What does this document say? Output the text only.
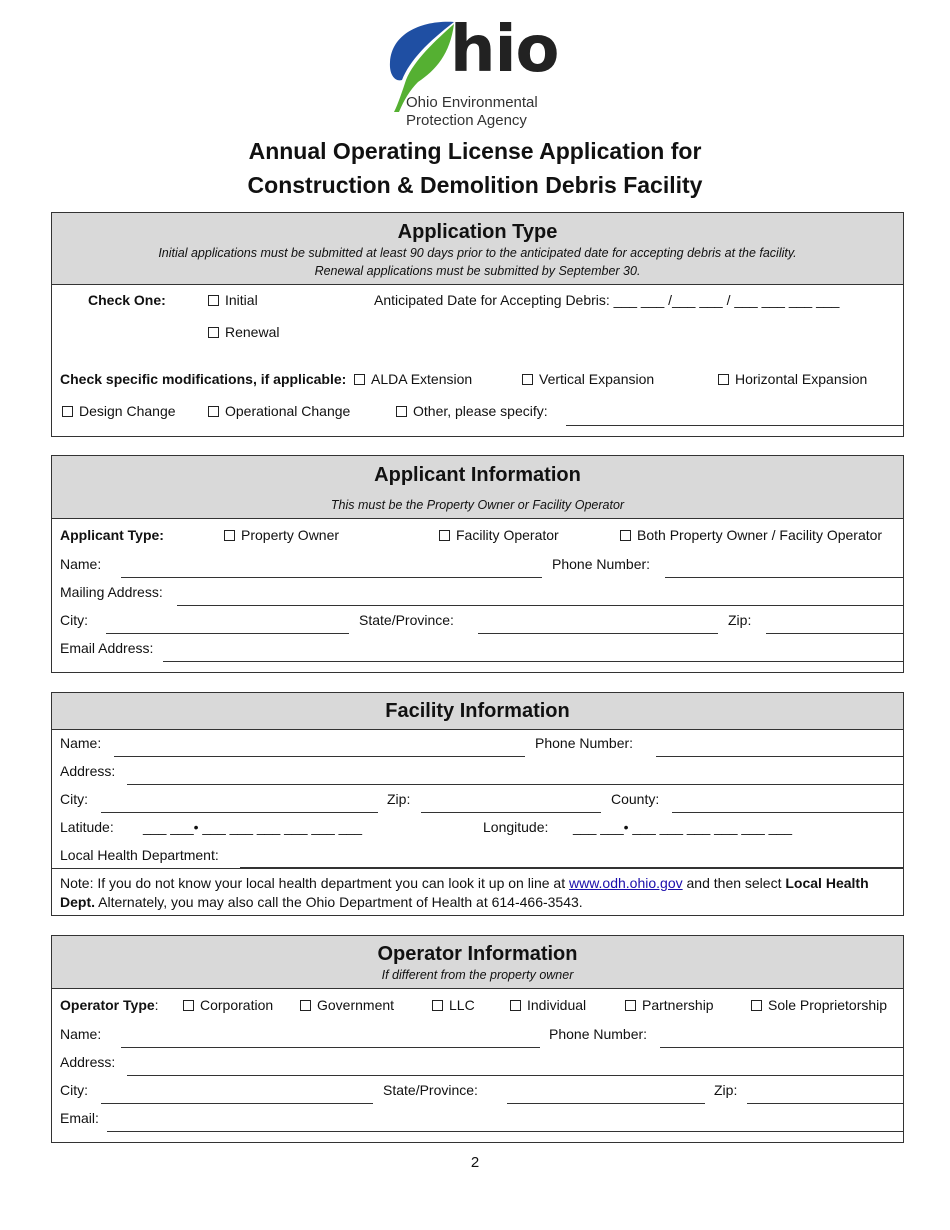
hio
Ohio Environmental
Protection Agency
Annual Operating License Application for
Construction & Demolition Debris Facility
Application Type
Initial applications must be submitted at least 90 days prior to the anticipated date for accepting debris at the facility.
Renewal applications must be submitted by September 30.
Check One:	Initial	Anticipated Date for Accepting Debris: ___ ___ /___ ___ / ___ ___ ___ ___
Renewal
Check specific modifications, if applicable:	ALDA Extension	Vertical Expansion	Horizontal Expansion
Design Change	Operational Change	Other, please specify:
Applicant Information
This must be the Property Owner or Facility Operator
Applicant Type:	Property Owner	Facility Operator	Both Property Owner / Facility Operator
Name:	Phone Number:
Mailing Address:
City:	State/Province:	Zip:
Email Address:
Facility Information
Name:	Phone Number:
Address:
City:	Zip:	County:
Latitude: ___ ___• ___ ___ ___ ___ ___ ___	Longitude: ___ ___• ___ ___ ___ ___ ___ ___
Local Health Department:
Note: If you do not know your local health department you can look it up on line at www.odh.ohio.gov and then select Local Health Dept. Alternately, you may also call the Ohio Department of Health at 614-466-3543.
Operator Information
If different from the property owner
Operator Type:	Corporation	Government	LLC	Individual	Partnership	Sole Proprietorship
Name:	Phone Number:
Address:
City:	State/Province:	Zip:
Email:
2
